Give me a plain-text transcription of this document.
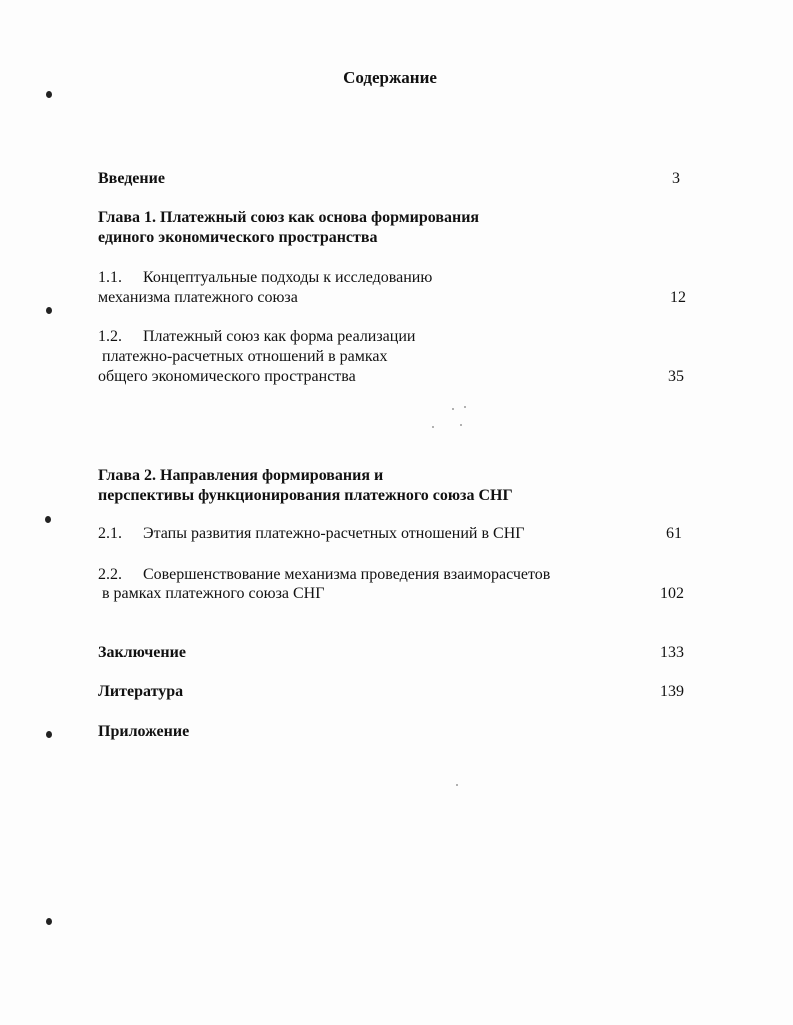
Содержание
Введение	3
Глава 1. Платежный союз как основа формирования
единого экономического пространства
1.1. Концептуальные подходы к исследованию
механизма платежного союза	12
1.2. Платежный союз как форма реализации
платежно-расчетных отношений в рамках
общего экономического пространства	35
Глава 2. Направления формирования и
перспективы функционирования платежного союза СНГ
2.1. Этапы развития платежно-расчетных отношений в СНГ	61
2.2. Совершенствование механизма проведения взаиморасчетов
в рамках платежного союза СНГ	102
Заключение	133
Литература	139
Приложение
